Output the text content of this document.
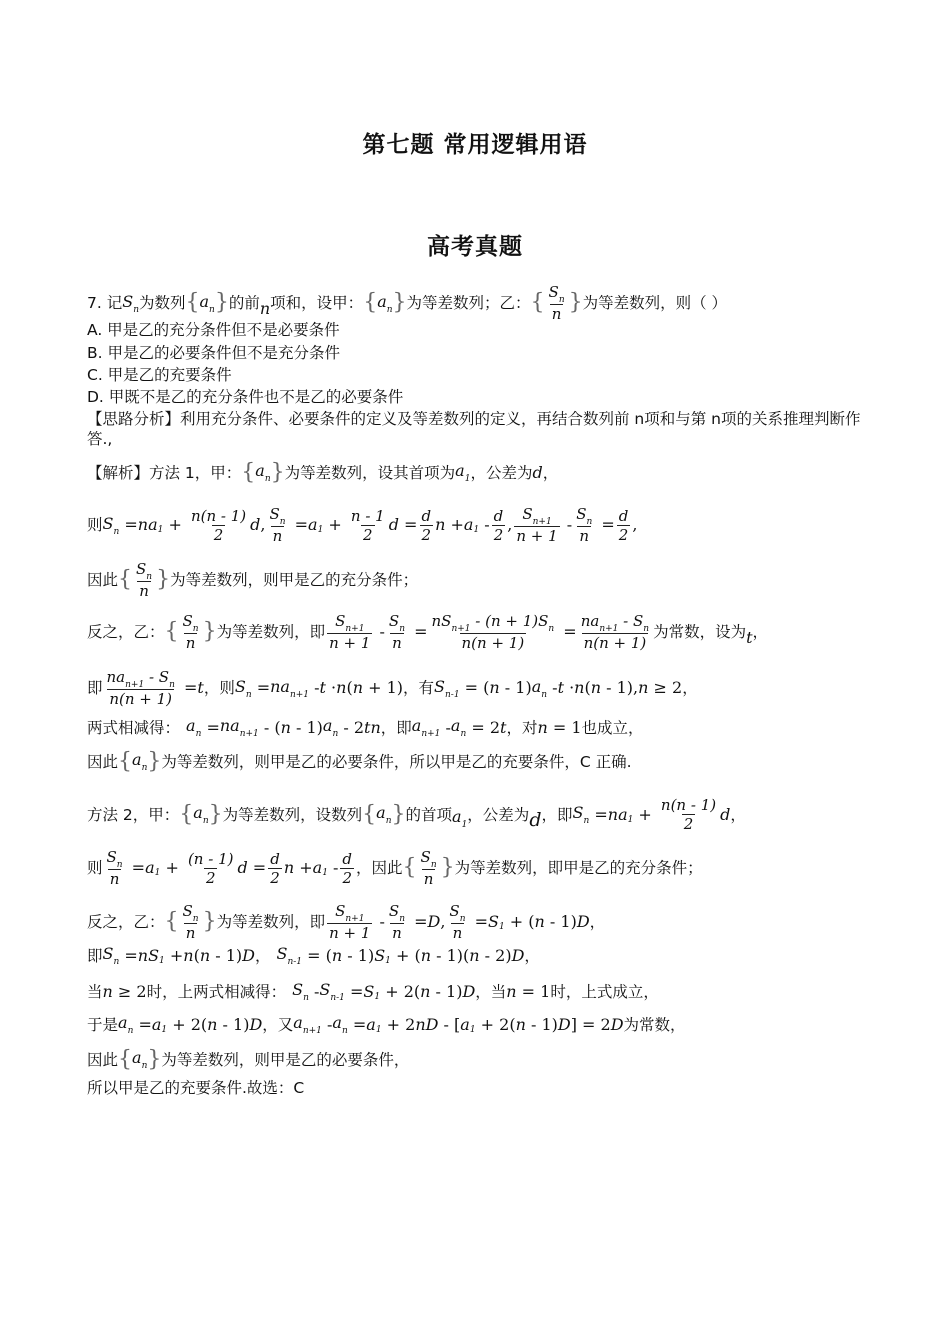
第七题 常用逻辑用语
高考真题
7. 记 $S_n$ 为数列 { $a_n$ } 的前 n 项和，设甲： { $a_n$ } 为等差数列；乙： { $\frac{S_n}{n}$ } 为等差数列，则（ ）
A. 甲是乙的充分条件但不是必要条件
B. 甲是乙的必要条件但不是充分条件
C. 甲是乙的充要条件
D. 甲既不是乙的充分条件也不是乙的必要条件
【思路分析】利用充分条件、必要条件的定义及等差数列的定义，再结合数列前 n项和与第 n项的关系推理判断作答.,
【解析】方法 1，甲： { $a_n$ } 为等差数列，设其首项为 $a_1$ ，公差为 d ，
则 $S_n$ = na $1 + \frac{n(n - 1)}{2}$ d , $\frac{S_n}{n} = a$ $1 + \frac{n - 1}{2}$ $d = \frac{d}{2}$ n + a $1 - \frac{d}{2}$ , $\frac{S_{n+1}}{n + 1} - \frac{S_n}{n} = \frac{d}{2}$ ,
因此 { $\frac{S_n}{n}$ } 为等差数列，则甲是乙的充分条件；
反之，乙： { $\frac{S_n}{n}$ } 为等差数列，即 $\frac{S_{n+1}}{n + 1} - \frac{S_n}{n} = \frac{nS_{n+1} - (n + 1)S_n}{n(n + 1)} = \frac{na_{n+1} - S_n}{n(n + 1)}$ 为常数，设为 t ，
即 $\frac{na_{n+1} - S_n}{n(n + 1)} = t$ ，则 $S_n = na_{n+1} - t \cdot n$ ( n + 1) ，有 $S_{n-1}$ = ( n - 1) $a_n - t \cdot n$ ( n - 1), n ≥ 2 ，
两式相减得： $a_n = na_{n+1}$ - ( n - 1) $a_n - 2$ tn ，即 $a_{n+1} - a_n = 2$ t ，对 n = 1 也成立，
因此 { $a_n$ } 为等差数列，则甲是乙的必要条件，所以甲是乙的充要条件，C 正确.
方法 2，甲： { $a_n$ } 为等差数列，设数列 { $a_n$ } 的首项 $a_1$
，公差为 d ，即 $S_n$ = na $1 + \frac{n(n - 1)}{2}$ d ，
则 $\frac{S_n}{n} = a$ $1 + \frac{(n - 1)}{2}$ $d = \frac{d}{2}$ n + a $1 - \frac{d}{2}$ ，因此 { $\frac{S_n}{n}$ } 为等差数列，即甲是乙的充分条件；
反之，乙： { $\frac{S_n}{n}$ } 为等差数列，即 $\frac{S_{n+1}}{n + 1} - \frac{S_n}{n} = D$ , $\frac{S_n}{n} = S$ 1 + ( n - 1) D ，
即 $S_n$ = nS 1 + n ( n - 1) D ， $S_{n-1}$ = ( n - 1) S 1 + ( n - 1)( n - 2) D ，
当 n ≥ 2 时，上两式相减得： $S_n - S_{n-1} = S$ 1 + 2( n - 1) D ，当 n = 1 时，上式成立，
于是 $a_n = a$ 1 + 2( n - 1) D ，又 $a_{n+1} - a_n = a$ 1 + 2 nD - [ a 1 + 2( n - 1) D ] = 2 D 为常数，
因此 { $a_n$ } 为等差数列，则甲是乙的必要条件，
所以甲是乙的充要条件.故选：C
